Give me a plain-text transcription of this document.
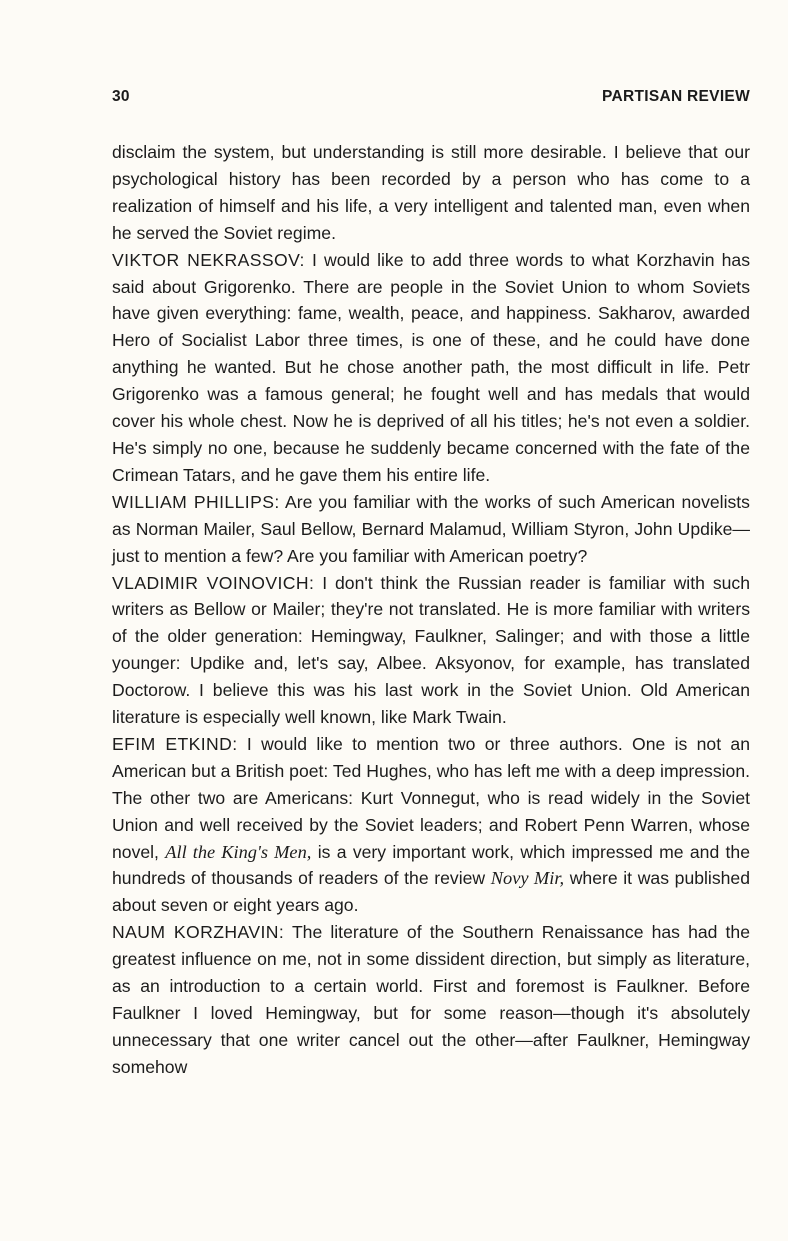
30	PARTISAN REVIEW

disclaim the system, but understanding is still more desirable. I believe that our psychological history has been recorded by a person who has come to a realization of himself and his life, a very intelligent and talented man, even when he served the Soviet regime.

VIKTOR NEKRASSOV: I would like to add three words to what Korzhavin has said about Grigorenko. There are people in the Soviet Union to whom Soviets have given everything: fame, wealth, peace, and happiness. Sakharov, awarded Hero of Socialist Labor three times, is one of these, and he could have done anything he wanted. But he chose another path, the most difficult in life. Petr Grigorenko was a famous general; he fought well and has medals that would cover his whole chest. Now he is deprived of all his titles; he's not even a soldier. He's simply no one, because he suddenly became concerned with the fate of the Crimean Tatars, and he gave them his entire life.

WILLIAM PHILLIPS: Are you familiar with the works of such American novelists as Norman Mailer, Saul Bellow, Bernard Malamud, William Styron, John Updike—just to mention a few? Are you familiar with American poetry?

VLADIMIR VOINOVICH: I don't think the Russian reader is familiar with such writers as Bellow or Mailer; they're not translated. He is more familiar with writers of the older generation: Hemingway, Faulkner, Salinger; and with those a little younger: Updike and, let's say, Albee. Aksyonov, for example, has translated Doctorow. I believe this was his last work in the Soviet Union. Old American literature is especially well known, like Mark Twain.

EFIM ETKIND: I would like to mention two or three authors. One is not an American but a British poet: Ted Hughes, who has left me with a deep impression. The other two are Americans: Kurt Vonnegut, who is read widely in the Soviet Union and well received by the Soviet leaders; and Robert Penn Warren, whose novel, All the King's Men, is a very important work, which impressed me and the hundreds of thousands of readers of the review Novy Mir, where it was published about seven or eight years ago.

NAUM KORZHAVIN: The literature of the Southern Renaissance has had the greatest influence on me, not in some dissident direction, but simply as literature, as an introduction to a certain world. First and foremost is Faulkner. Before Faulkner I loved Hemingway, but for some reason—though it's absolutely unnecessary that one writer cancel out the other—after Faulkner, Hemingway somehow
